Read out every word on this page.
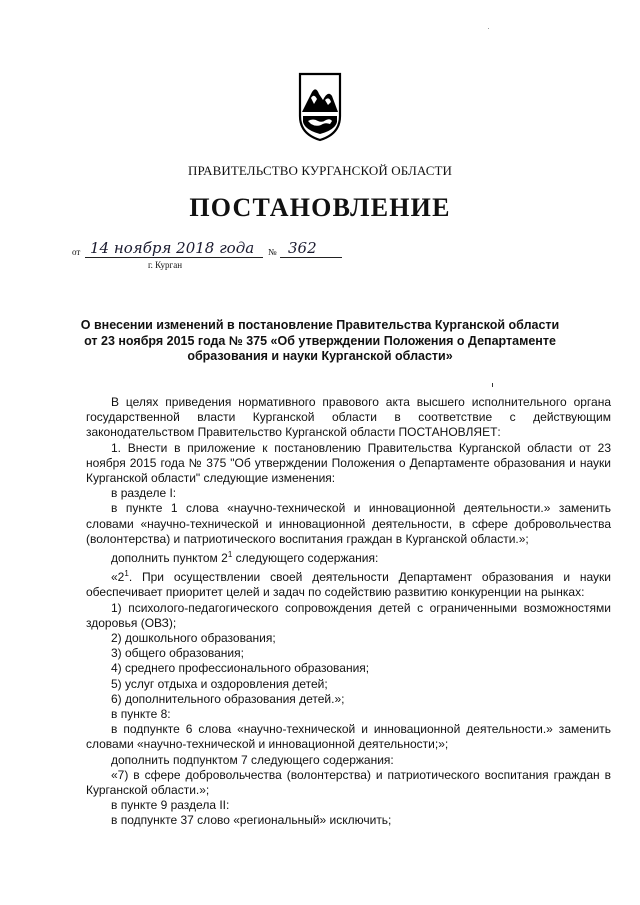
ПРАВИТЕЛЬСТВО КУРГАНСКОЙ ОБЛАСТИ
ПОСТАНОВЛЕНИЕ
от 14 ноября 2018 года № 362
г. Курган
О внесении изменений в постановление Правительства Курганской области
от 23 ноября 2015 года № 375 «Об утверждении Положения о Департаменте
образования и науки Курганской области»

В целях приведения нормативного правового акта высшего исполнительного органа государственной власти Курганской области в соответствие с действующим законодательством Правительство Курганской области ПОСТАНОВЛЯЕТ:

1. Внести в приложение к постановлению Правительства Курганской области от 23 ноября 2015 года № 375 "Об утверждении Положения о Департаменте образования и науки Курганской области" следующие изменения:

в разделе I:

в пункте 1 слова «научно-технической и инновационной деятельности.» заменить словами «научно-технической и инновационной деятельности, в сфере добровольчества (волонтерства) и патриотического воспитания граждан в Курганской области.»;

дополнить пунктом $2^1$ следующего содержания:

«$2^1$. При осуществлении своей деятельности Департамент образования и науки обеспечивает приоритет целей и задач по содействию развитию конкуренции на рынках:

1) психолого-педагогического сопровождения детей с ограниченными возможностями здоровья (ОВЗ);

2) дошкольного образования;

3) общего образования;

4) среднего профессионального образования;

5) услуг отдыха и оздоровления детей;

6) дополнительного образования детей.»;

в пункте 8:

в подпункте 6 слова «научно-технической и инновационной деятельности.» заменить словами «научно-технической и инновационной деятельности;»;

дополнить подпунктом 7 следующего содержания:

«7) в сфере добровольчества (волонтерства) и патриотического воспитания граждан в Курганской области.»;

в пункте 9 раздела II:

в подпункте 37 слово «региональный» исключить;
